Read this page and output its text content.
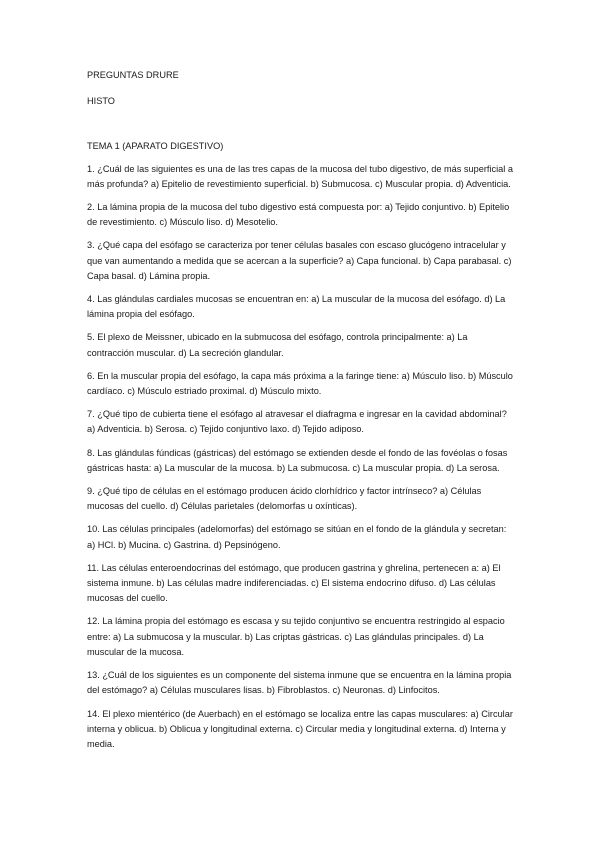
PREGUNTAS DRURE

HISTO

TEMA 1 (APARATO DIGESTIVO)

1. ¿Cuál de las siguientes es una de las tres capas de la mucosa del tubo digestivo, de más superficial a más profunda? a) Epitelio de revestimiento superficial. b) Submucosa. c) Muscular propia. d) Adventicia.

2. La lámina propia de la mucosa del tubo digestivo está compuesta por: a) Tejido conjuntivo. b) Epitelio de revestimiento. c) Músculo liso. d) Mesotelio.

3. ¿Qué capa del esófago se caracteriza por tener células basales con escaso glucógeno intracelular y que van aumentando a medida que se acercan a la superficie? a) Capa funcional. b) Capa parabasal. c) Capa basal. d) Lámina propia.

4. Las glándulas cardiales mucosas se encuentran en: a) La muscular de la mucosa del esófago. d) La lámina propia del esófago.

5. El plexo de Meissner, ubicado en la submucosa del esófago, controla principalmente: a) La contracción muscular. d) La secreción glandular.

6. En la muscular propia del esófago, la capa más próxima a la faringe tiene: a) Músculo liso. b) Músculo cardíaco. c) Músculo estriado proximal. d) Músculo mixto.

7. ¿Qué tipo de cubierta tiene el esófago al atravesar el diafragma e ingresar en la cavidad abdominal? a) Adventicia. b) Serosa. c) Tejido conjuntivo laxo. d) Tejido adiposo.

8. Las glándulas fúndicas (gástricas) del estómago se extienden desde el fondo de las fovéolas o fosas gástricas hasta: a) La muscular de la mucosa. b) La submucosa. c) La muscular propia. d) La serosa.

9. ¿Qué tipo de células en el estómago producen ácido clorhídrico y factor intrínseco? a) Células mucosas del cuello. d) Células parietales (delomorfas u oxínticas).

10. Las células principales (adelomorfas) del estómago se sitúan en el fondo de la glándula y secretan: a) HCl. b) Mucina. c) Gastrina. d) Pepsinógeno.

11. Las células enteroendocrinas del estómago, que producen gastrina y ghrelina, pertenecen a: a) El sistema inmune. b) Las células madre indiferenciadas. c) El sistema endocrino difuso. d) Las células mucosas del cuello.

12. La lámina propia del estómago es escasa y su tejido conjuntivo se encuentra restringido al espacio entre: a) La submucosa y la muscular. b) Las criptas gástricas. c) Las glándulas principales. d) La muscular de la mucosa.

13. ¿Cuál de los siguientes es un componente del sistema inmune que se encuentra en la lámina propia del estómago? a) Células musculares lisas. b) Fibroblastos. c) Neuronas. d) Linfocitos.

14. El plexo mientérico (de Auerbach) en el estómago se localiza entre las capas musculares: a) Circular interna y oblicua. b) Oblicua y longitudinal externa. c) Circular media y longitudinal externa. d) Interna y media.
